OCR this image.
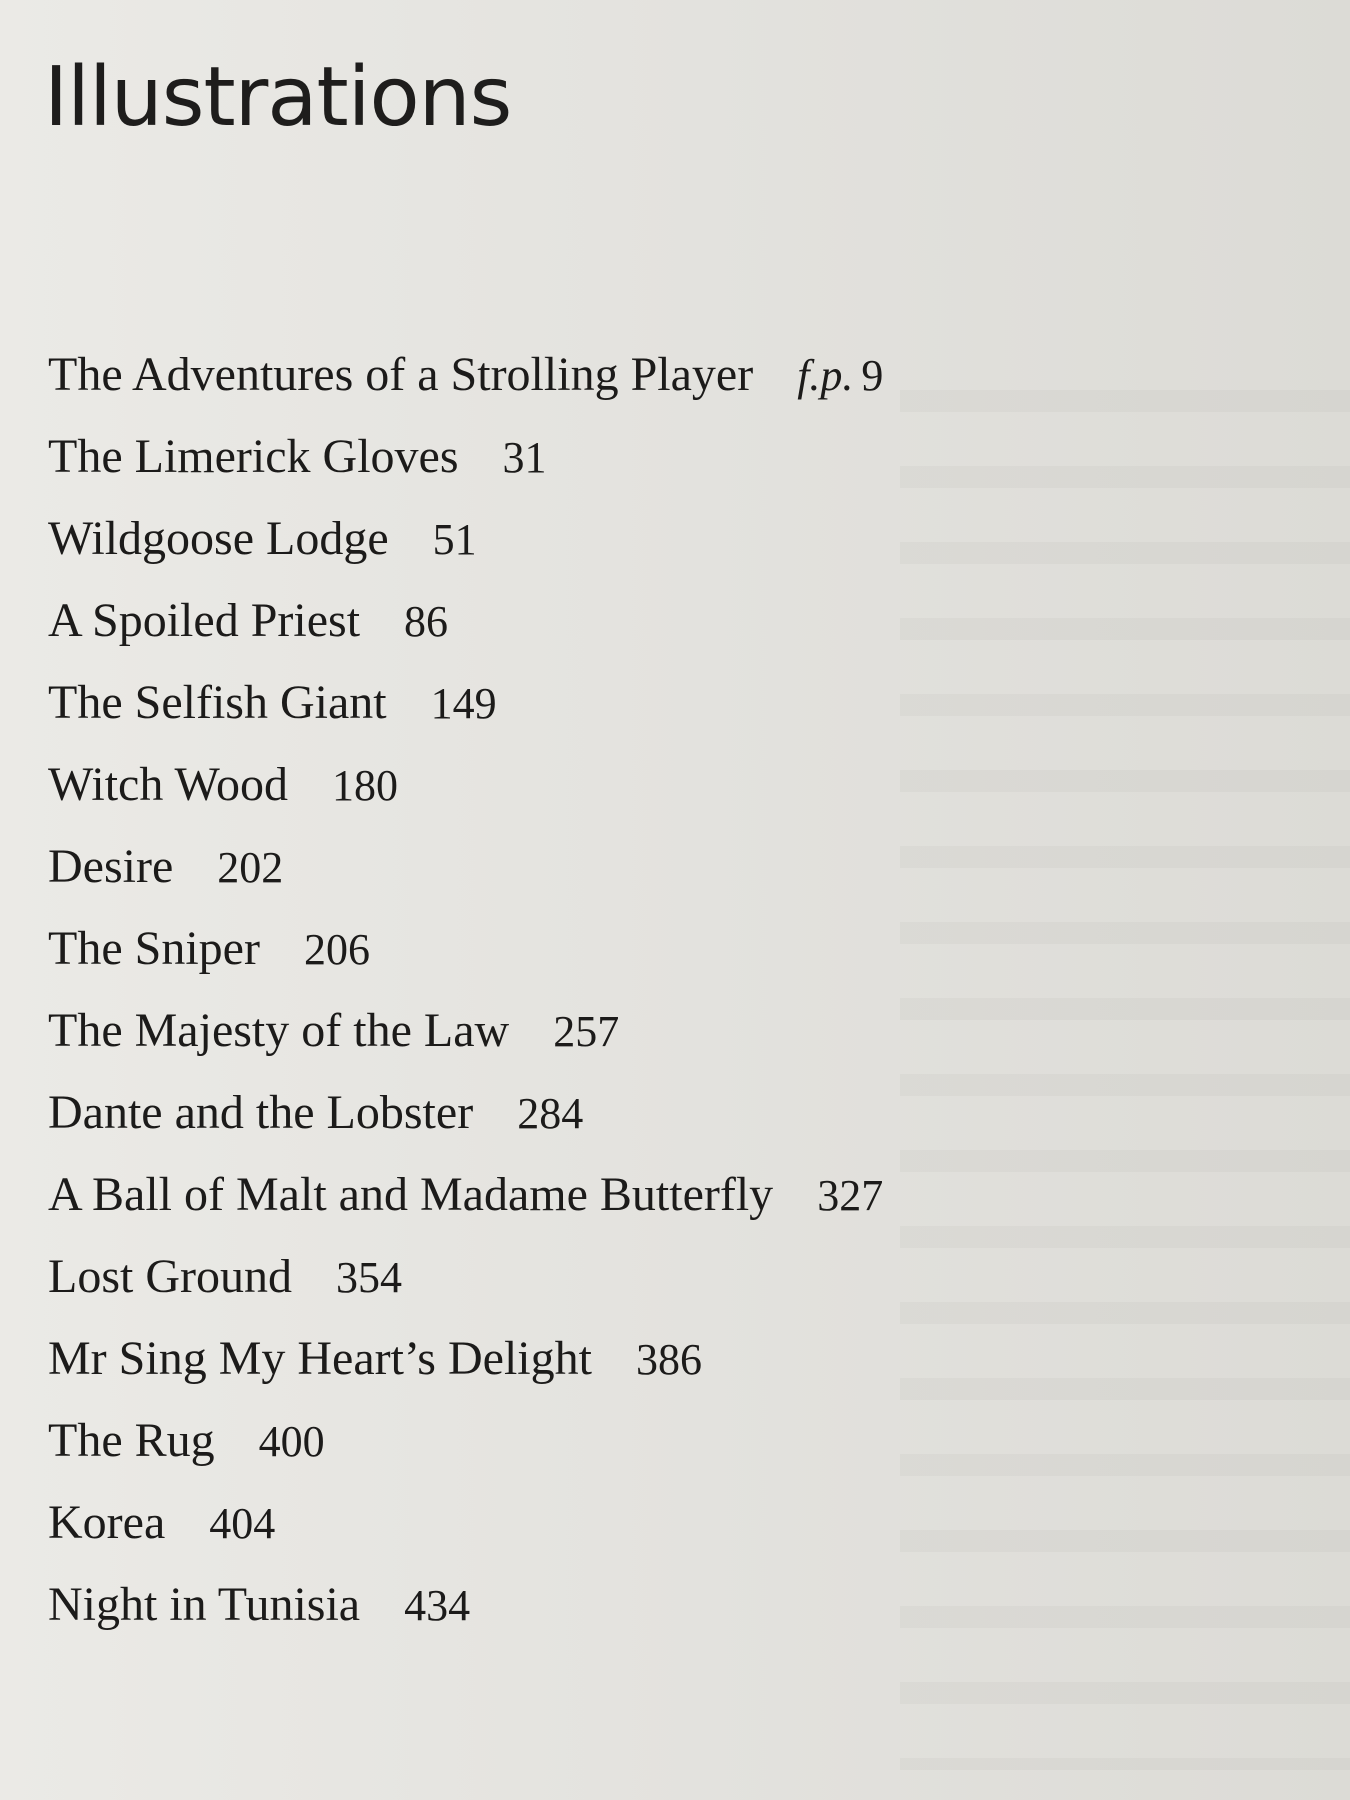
Illustrations
The Adventures of a Strolling Player f.p. 9
The Limerick Gloves 31
Wildgoose Lodge 51
A Spoiled Priest 86
The Selfish Giant 149
Witch Wood 180
Desire 202
The Sniper 206
The Majesty of the Law 257
Dante and the Lobster 284
A Ball of Malt and Madame Butterfly 327
Lost Ground 354
Mr Sing My Heart’s Delight 386
The Rug 400
Korea 404
Night in Tunisia 434
